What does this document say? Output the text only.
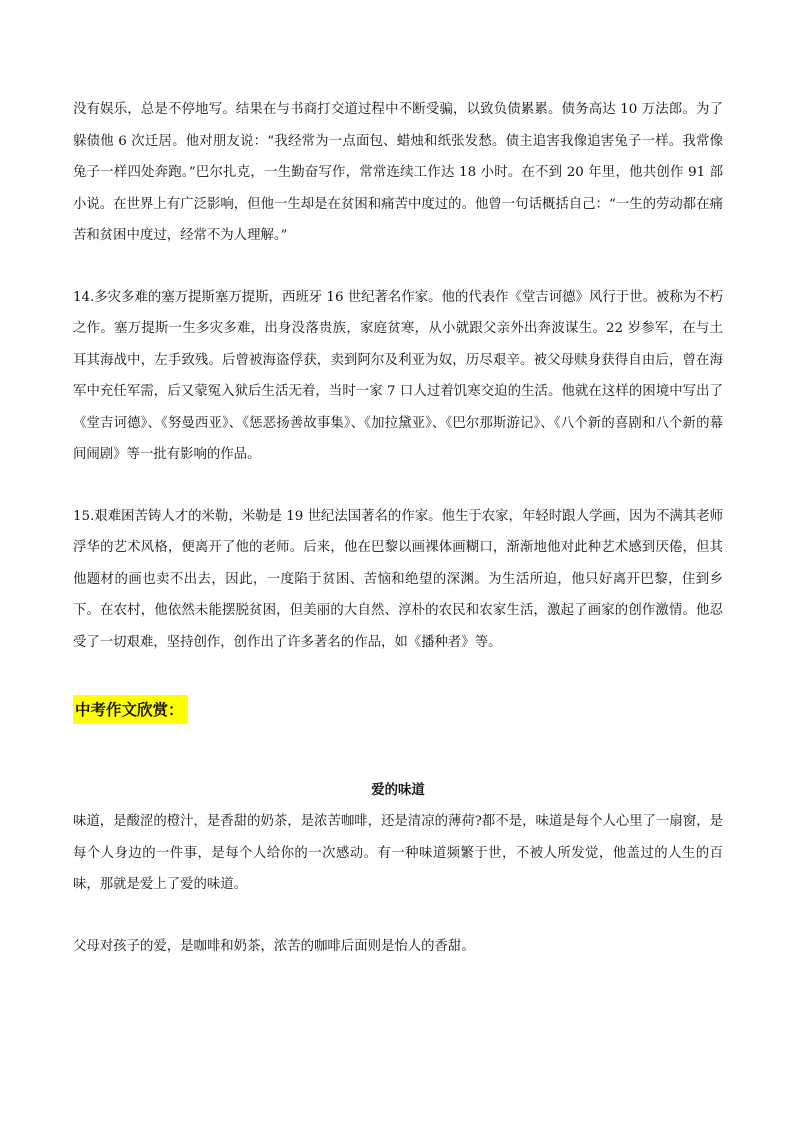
没有娱乐，总是不停地写。结果在与书商打交道过程中不断受骗，以致负债累累。债务高达 10 万法郎。为了躲债他 6 次迁居。他对朋友说：“我经常为一点面包、蜡烛和纸张发愁。债主追害我像追害兔子一样。我常像兔子一样四处奔跑。”巴尔扎克，一生勤奋写作，常常连续工作达 18 小时。在不到 20 年里，他共创作 91 部小说。在世界上有广泛影响，但他一生却是在贫困和痛苦中度过的。他曾一句话概括自己：“一生的劳动都在痛苦和贫困中度过，经常不为人理解。”

14.多灾多难的塞万提斯塞万提斯，西班牙 16 世纪著名作家。他的代表作《堂吉诃德》风行于世。被称为不朽之作。塞万提斯一生多灾多难，出身没落贵族，家庭贫寒，从小就跟父亲外出奔波谋生。22 岁参军，在与土耳其海战中，左手致残。后曾被海盗俘获，卖到阿尔及利亚为奴，历尽艰辛。被父母赎身获得自由后，曾在海军中充任军需，后又蒙冤入狱后生活无着，当时一家 7 口人过着饥寒交迫的生活。他就在这样的困境中写出了《堂吉诃德》、《努曼西亚》、《惩恶扬善故事集》、《加拉黛亚》、《巴尔那斯游记》、《八个新的喜剧和八个新的幕间闹剧》等一批有影响的作品。

15.艰难困苦铸人才的米勒，米勒是 19 世纪法国著名的作家。他生于农家，年轻时跟人学画，因为不满其老师浮华的艺术风格，便离开了他的老师。后来，他在巴黎以画裸体画糊口，渐渐地他对此种艺术感到厌倦，但其他题材的画也卖不出去，因此，一度陷于贫困、苦恼和绝望的深渊。为生活所迫，他只好离开巴黎，住到乡下。在农村，他依然未能摆脱贫困，但美丽的大自然、淳朴的农民和农家生活，激起了画家的创作激情。他忍受了一切艰难，坚持创作，创作出了许多著名的作品，如《播种者》等。

中考作文欣赏：

爱的味道

味道，是酸涩的橙汁，是香甜的奶茶，是浓苦咖啡，还是清凉的薄荷?都不是，味道是每个人心里了一扇窗，是每个人身边的一件事，是每个人给你的一次感动。有一种味道频繁于世，不被人所发觉，他盖过的人生的百味，那就是爱上了爱的味道。

父母对孩子的爱，是咖啡和奶茶，浓苦的咖啡后面则是怡人的香甜。
